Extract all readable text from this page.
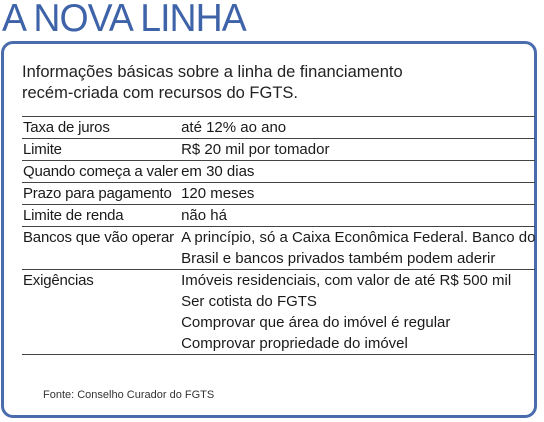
A NOVA LINHA
Informações básicas sobre a linha de financiamento
recém-criada com recursos do FGTS.
Taxa de juros	até 12% ao ano

Limite	R$ 20 mil por tomador

Quando começa a valer	em 30 dias

Prazo para pagamento	120 meses

Limite de renda	não há

Bancos que vão operar	A princípio, só a Caixa Econômica Federal. Banco do
Brasil e bancos privados também podem aderir

Exigências	Imóveis residenciais, com valor de até R$ 500 mil
Ser cotista do FGTS
Comprovar que área do imóvel é regular
Comprovar propriedade do imóvel
Fonte: Conselho Curador do FGTS
